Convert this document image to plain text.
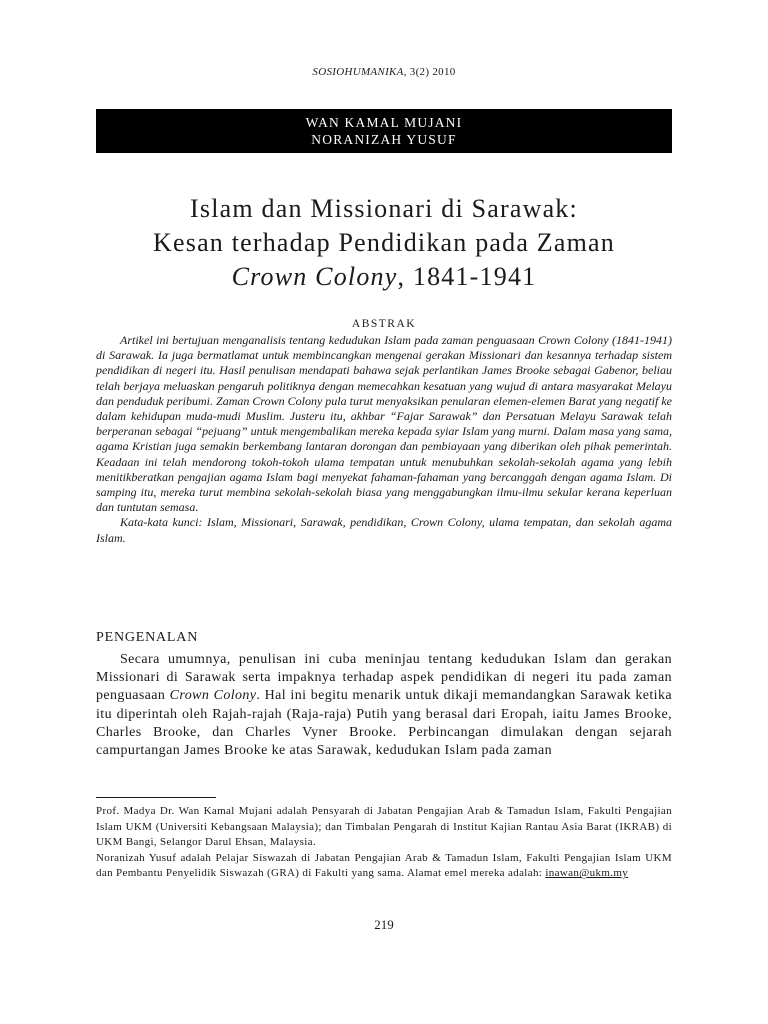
SOSIOHUMANIKA, 3(2) 2010
WAN KAMAL MUJANI
NORANIZAH YUSUF
Islam dan Missionari di Sarawak:
Kesan terhadap Pendidikan pada Zaman
Crown Colony, 1841-1941
ABSTRAK

Artikel ini bertujuan menganalisis tentang kedudukan Islam pada zaman penguasaan Crown Colony (1841-1941) di Sarawak. Ia juga bermatlamat untuk membincangkan mengenai gerakan Missionari dan kesannya terhadap sistem pendidikan di negeri itu. Hasil penulisan mendapati bahawa sejak perlantikan James Brooke sebagai Gabenor, beliau telah berjaya meluaskan pengaruh politiknya dengan memecahkan kesatuan yang wujud di antara masyarakat Melayu dan penduduk peribumi. Zaman Crown Colony pula turut menyaksikan penularan elemen-elemen Barat yang negatif ke dalam kehidupan muda-mudi Muslim. Justeru itu, akhbar “Fajar Sarawak” dan Persatuan Melayu Sarawak telah berperanan sebagai “pejuang” untuk mengembalikan mereka kepada syiar Islam yang murni. Dalam masa yang sama, agama Kristian juga semakin berkembang lantaran dorongan dan pembiayaan yang diberikan oleh pihak pemerintah. Keadaan ini telah mendorong tokoh-tokoh ulama tempatan untuk menubuhkan sekolah-sekolah agama yang lebih menitikberatkan pengajian agama Islam bagi menyekat fahaman-fahaman yang bercanggah dengan agama Islam. Di samping itu, mereka turut membina sekolah-sekolah biasa yang menggabungkan ilmu-ilmu sekular kerana keperluan dan tuntutan semasa.

Kata-kata kunci: Islam, Missionari, Sarawak, pendidikan, Crown Colony, ulama tempatan, dan sekolah agama Islam.

PENGENALAN

Secara umumnya, penulisan ini cuba meninjau tentang kedudukan Islam dan gerakan Missionari di Sarawak serta impaknya terhadap aspek pendidikan di negeri itu pada zaman penguasaan Crown Colony. Hal ini begitu menarik untuk dikaji memandangkan Sarawak ketika itu diperintah oleh Rajah-rajah (Raja-raja) Putih yang berasal dari Eropah, iaitu James Brooke, Charles Brooke, dan Charles Vyner Brooke. Perbincangan dimulakan dengan sejarah campurtangan James Brooke ke atas Sarawak, kedudukan Islam pada zaman

Prof. Madya Dr. Wan Kamal Mujani adalah Pensyarah di Jabatan Pengajian Arab & Tamadun Islam, Fakulti Pengajian Islam UKM (Universiti Kebangsaan Malaysia); dan Timbalan Pengarah di Institut Kajian Rantau Asia Barat (IKRAB) di UKM Bangi, Selangor Darul Ehsan, Malaysia.

Noranizah Yusuf adalah Pelajar Siswazah di Jabatan Pengajian Arab & Tamadun Islam, Fakulti Pengajian Islam UKM dan Pembantu Penyelidik Siswazah (GRA) di Fakulti yang sama. Alamat emel mereka adalah: inawan@ukm.my

219
